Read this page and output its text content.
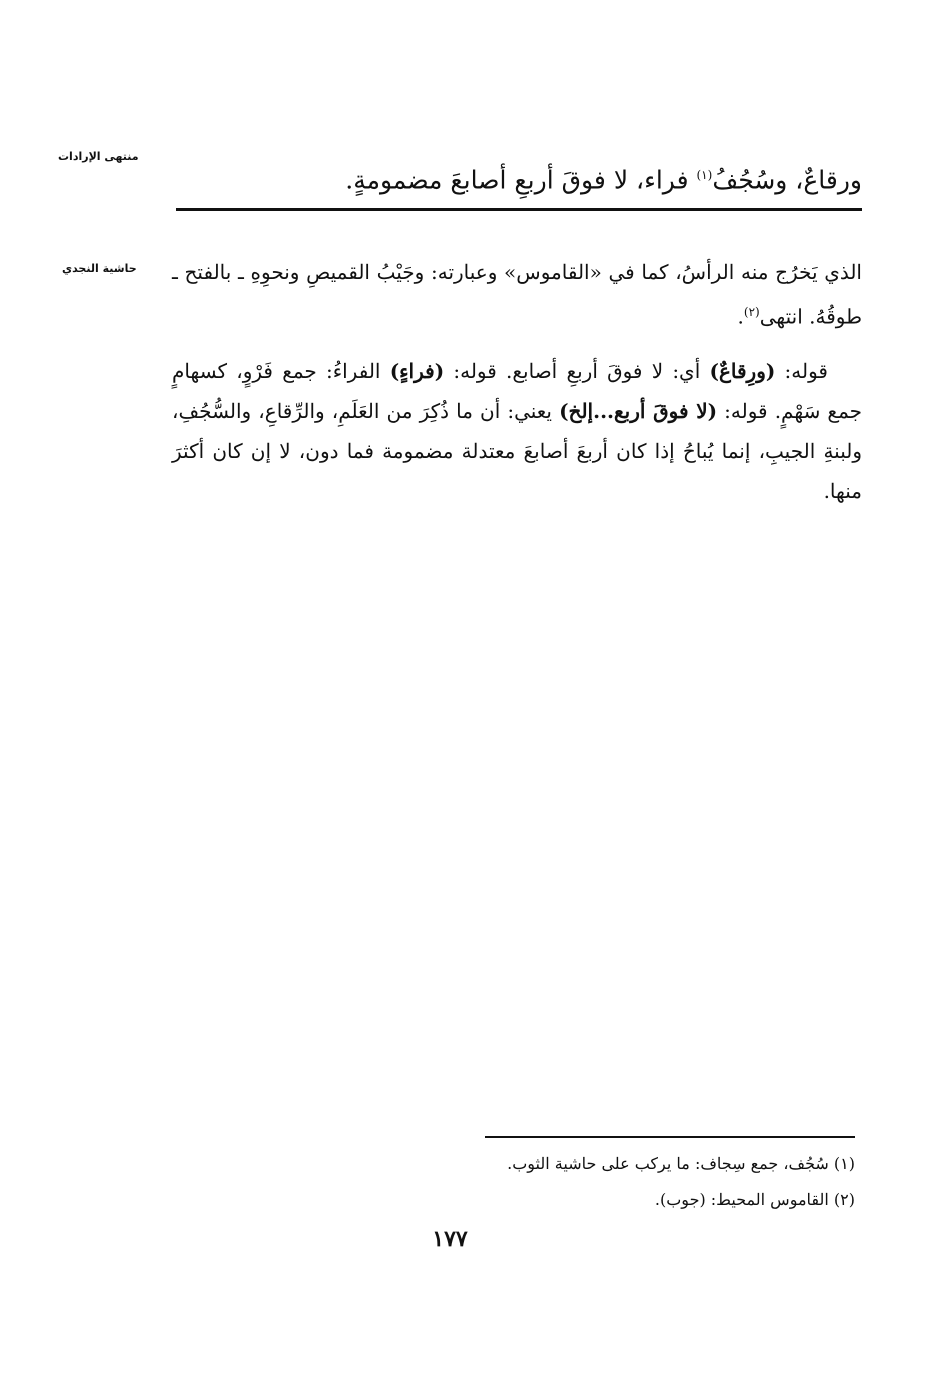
منتهى الإرادات
حاشية النجدي
ورقاعٌ، وسُجُفُ$^{(١)}$ فراء، لا فوقَ أربعِ أصابعَ مضمومةٍ.

الذي يَخرُج منه الرأسُ، كما في «القاموس» وعبارته: وجَيْبُ القميصِ ونحوِهِ ـ بالفتح ـ طوقُهُ. انتهى$^{(٢)}$.

قوله: (ورِقاعٌ) أي: لا فوقَ أربعِ أصابع. قوله: (فراءٍ) الفراءُ: جمع فَرْوٍ، كسهامٍ جمع سَهْمٍ. قوله: (لا فوقَ أربع...إلخ) يعني: أن ما ذُكِرَ من العَلَمِ، والرِّقاعِ، والسُّجُفِ، ولبنةِ الجيبِ، إنما يُباحُ إذا كان أربعَ أصابعَ معتدلة مضمومة فما دون، لا إن كان أكثرَ منها.

(١) سُجُف، جمع سِجاف: ما يركب على حاشية الثوب.
(٢) القاموس المحيط: (جوب).
١٧٧
